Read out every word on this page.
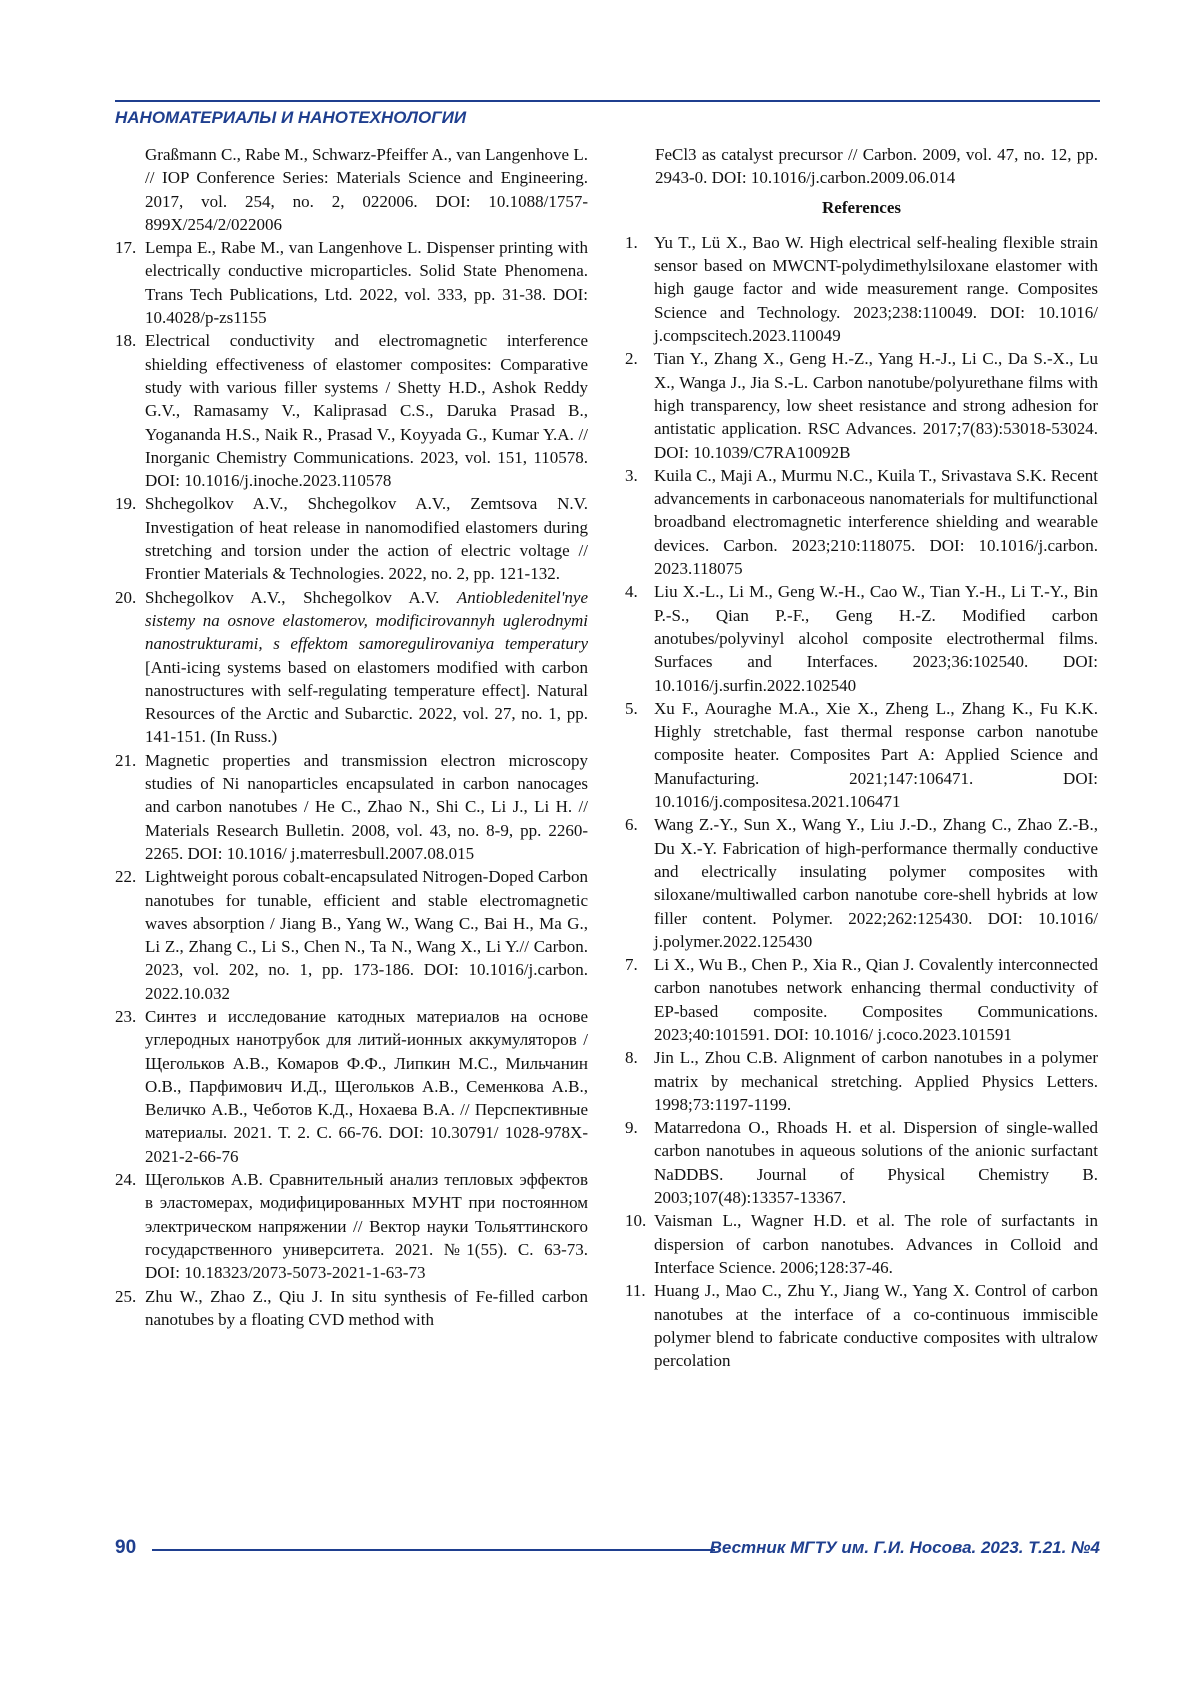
НАНОМАТЕРИАЛЫ И НАНОТЕХНОЛОГИИ
Graßmann C., Rabe M., Schwarz-Pfeiffer A., van Langenhove L. // IOP Conference Series: Materials Science and Engineering. 2017, vol. 254, no. 2, 022006. DOI: 10.1088/1757-899X/254/2/022006
17. Lempa E., Rabe M., van Langenhove L. Dispenser printing with electrically conductive microparticles. Solid State Phenomena. Trans Tech Publications, Ltd. 2022, vol. 333, pp. 31-38. DOI: 10.4028/p-zs1155
18. Electrical conductivity and electromagnetic interference shielding effectiveness of elastomer composites: Comparative study with various filler systems / Shetty H.D., Ashok Reddy G.V., Ramasamy V., Kaliprasad C.S., Daruka Prasad B., Yogananda H.S., Naik R., Prasad V., Koyyada G., Kumar Y.A. // Inorganic Chemistry Communications. 2023, vol. 151, 110578. DOI: 10.1016/j.inoche.2023.110578
19. Shchegolkov A.V., Shchegolkov A.V., Zemtsova N.V. Investigation of heat release in nanomodified elastomers during stretching and torsion under the action of electric voltage // Frontier Materials & Technologies. 2022, no. 2, pp. 121-132.
20. Shchegolkov A.V., Shchegolkov A.V. Antiobledenitel'nye sistemy na osnove elastomerov, modificirovannyh uglerodnymi nanostrukturami, s effektom samoregulirovaniya temperatury [Anti-icing systems based on elastomers modified with carbon nanostructures with self-regulating temperature effect]. Natural Resources of the Arctic and Subarctic. 2022, vol. 27, no. 1, pp. 141-151. (In Russ.)
21. Magnetic properties and transmission electron microscopy studies of Ni nanoparticles encapsulated in carbon nanocages and carbon nanotubes / He C., Zhao N., Shi C., Li J., Li H. // Materials Research Bulletin. 2008, vol. 43, no. 8-9, pp. 2260-2265. DOI: 10.1016/ j.materresbull.2007.08.015
22. Lightweight porous cobalt-encapsulated Nitrogen-Doped Carbon nanotubes for tunable, efficient and stable electromagnetic waves absorption / Jiang B., Yang W., Wang C., Bai H., Ma G., Li Z., Zhang C., Li S., Chen N., Ta N., Wang X., Li Y.// Carbon. 2023, vol. 202, no. 1, pp. 173-186. DOI: 10.1016/j.carbon. 2022.10.032
23. Синтез и исследование катодных материалов на основе углеродных нанотрубок для литий-ионных аккумуляторов / Щегольков А.В., Комаров Ф.Ф., Липкин М.С., Мильчанин О.В., Парфимович И.Д., Щегольков А.В., Семенкова А.В., Величко А.В., Чеботов К.Д., Нохаева В.А. // Перспективные материалы. 2021. Т. 2. С. 66-76. DOI: 10.30791/ 1028-978X-2021-2-66-76
24. Щегольков А.В. Сравнительный анализ тепловых эффектов в эластомерах, модифицированных МУНТ при постоянном электрическом напряжении // Вектор науки Тольяттинского государственного университета. 2021. №1(55). С. 63-73. DOI: 10.18323/2073-5073-2021-1-63-73
25. Zhu W., Zhao Z., Qiu J. In situ synthesis of Fe-filled carbon nanotubes by a floating CVD method with
FeCl3 as catalyst precursor // Carbon. 2009, vol. 47, no. 12, pp. 2943-0. DOI: 10.1016/j.carbon.2009.06.014
References
1. Yu T., Lü X., Bao W. High electrical self-healing flexible strain sensor based on MWCNT-polydimethylsiloxane elastomer with high gauge factor and wide measurement range. Composites Science and Technology. 2023;238:110049. DOI: 10.1016/ j.compscitech.2023.110049
2. Tian Y., Zhang X., Geng H.-Z., Yang H.-J., Li C., Da S.-X., Lu X., Wanga J., Jia S.-L. Carbon nanotube/polyurethane films with high transparency, low sheet resistance and strong adhesion for antistatic application. RSC Advances. 2017;7(83):53018-53024. DOI: 10.1039/C7RA10092B
3. Kuila C., Maji A., Murmu N.C., Kuila T., Srivastava S.K. Recent advancements in carbonaceous nanomaterials for multifunctional broadband electromagnetic interference shielding and wearable devices. Carbon. 2023;210:118075. DOI: 10.1016/j.carbon. 2023.118075
4. Liu X.-L., Li M., Geng W.-H., Cao W., Tian Y.-H., Li T.-Y., Bin P.-S., Qian P.-F., Geng H.-Z. Modified carbon anotubes/polyvinyl alcohol composite electrothermal films. Surfaces and Interfaces. 2023;36:102540. DOI: 10.1016/j.surfin.2022.102540
5. Xu F., Aouraghe M.A., Xie X., Zheng L., Zhang K., Fu K.K. Highly stretchable, fast thermal response carbon nanotube composite heater. Composites Part A: Applied Science and Manufacturing. 2021;147:106471. DOI: 10.1016/j.compositesa.2021.106471
6. Wang Z.-Y., Sun X., Wang Y., Liu J.-D., Zhang C., Zhao Z.-B., Du X.-Y. Fabrication of high-performance thermally conductive and electrically insulating polymer composites with siloxane/multiwalled carbon nanotube core-shell hybrids at low filler content. Polymer. 2022;262:125430. DOI: 10.1016/ j.polymer.2022.125430
7. Li X., Wu B., Chen P., Xia R., Qian J. Covalently interconnected carbon nanotubes network enhancing thermal conductivity of EP-based composite. Composites Communications. 2023;40:101591. DOI: 10.1016/ j.coco.2023.101591
8. Jin L., Zhou C.B. Alignment of carbon nanotubes in a polymer matrix by mechanical stretching. Applied Physics Letters. 1998;73:1197-1199.
9. Matarredona O., Rhoads H. et al. Dispersion of single-walled carbon nanotubes in aqueous solutions of the anionic surfactant NaDDBS. Journal of Physical Chemistry B. 2003;107(48):13357-13367.
10. Vaisman L., Wagner H.D. et al. The role of surfactants in dispersion of carbon nanotubes. Advances in Colloid and Interface Science. 2006;128:37-46.
11. Huang J., Mao C., Zhu Y., Jiang W., Yang X. Control of carbon nanotubes at the interface of a co-continuous immiscible polymer blend to fabricate conductive composites with ultralow percolation
90	Вестник МГТУ им. Г.И. Носова. 2023. Т.21. №4
